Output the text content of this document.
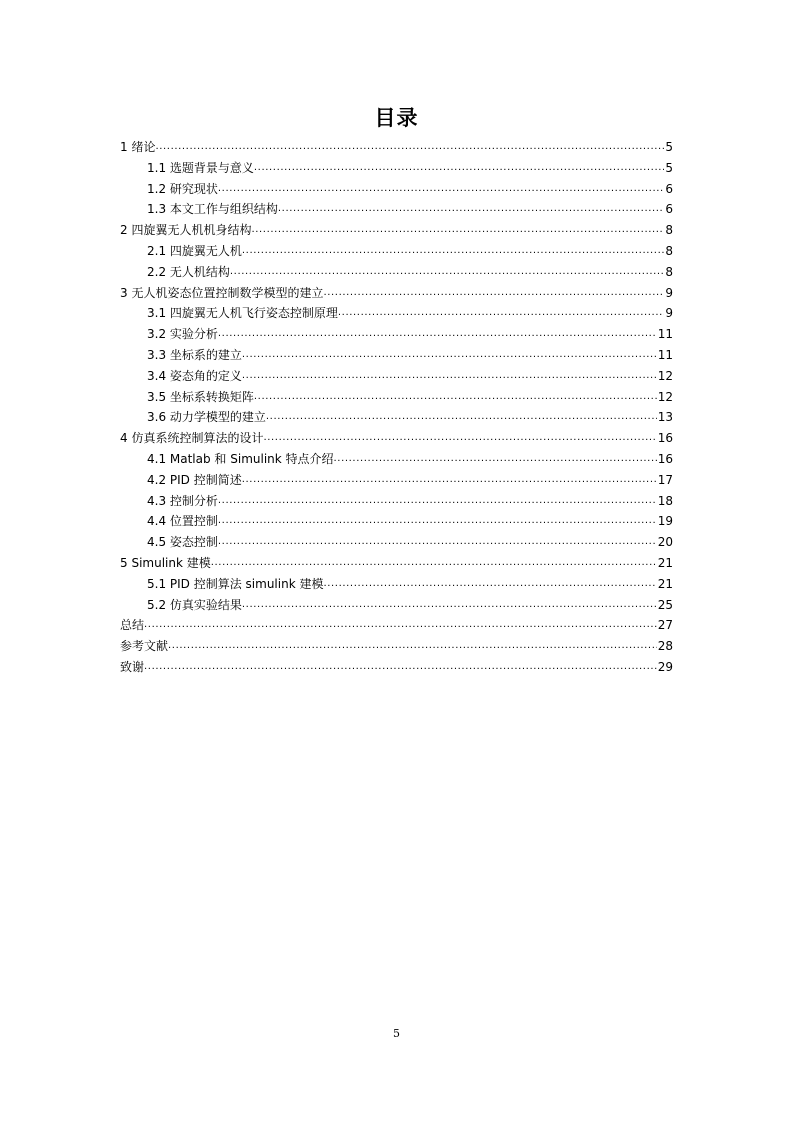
目录
1 绪论 .....	5
1.1 选题背景与意义 .....	5
1.2 研究现状 .....	6
1.3 本文工作与组织结构 .....	6
2 四旋翼无人机机身结构 .....	8
2.1 四旋翼无人机 .....	8
2.2 无人机结构 .....	8
3 无人机姿态位置控制数学模型的建立 .....	9
3.1 四旋翼无人机飞行姿态控制原理 .....	9
3.2 实验分析 .....	11
3.3 坐标系的建立 .....	11
3.4 姿态角的定义 .....	12
3.5 坐标系转换矩阵 .....	12
3.6 动力学模型的建立 .....	13
4 仿真系统控制算法的设计 .....	16
4.1 Matlab 和 Simulink 特点介绍 .....	16
4.2 PID 控制简述 .....	17
4.3 控制分析 .....	18
4.4 位置控制 .....	19
4.5 姿态控制 .....	20
5 Simulink 建模 .....	21
5.1 PID 控制算法 simulink 建模 .....	21
5.2 仿真实验结果 .....	25
总结 .....	27
参考文献 .....	28
致谢 .....	29
5
